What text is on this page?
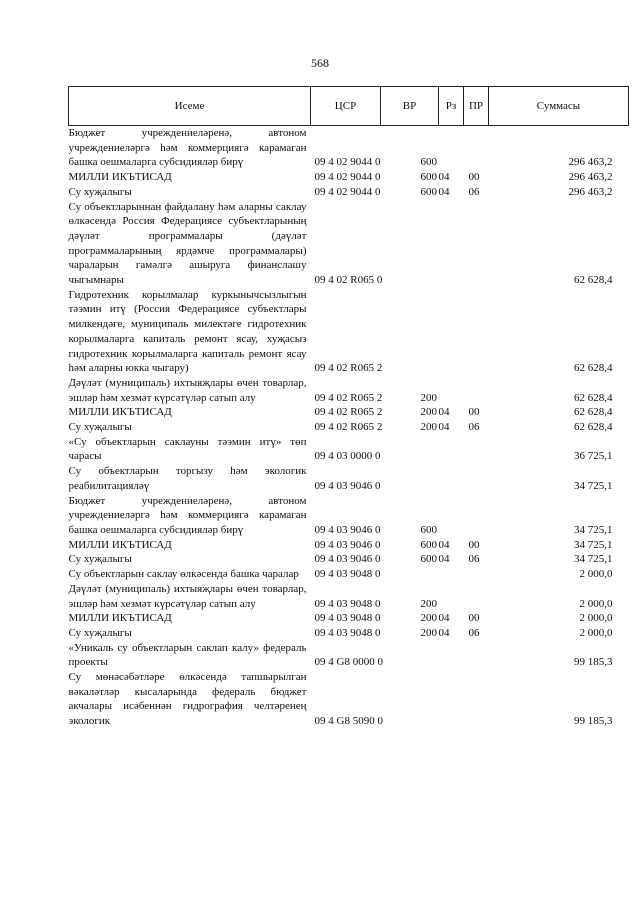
568
Исеме	ЦСР	ВР	Рз	ПР	Суммасы
Бюджет учреждениеләренә, автоном учреждениеләргә һәм коммерциягә карамаган башка оешмаларга субсидияләр бирү	09 4 02 9044 0	600			296 463,2
МИЛЛИ ИКЪТИСАД	09 4 02 9044 0	600	04	00	296 463,2
Су хуҗалыгы	09 4 02 9044 0	600	04	06	296 463,2
Су объектларыннан файдалану һәм аларны саклау өлкәсендә Россия Федерациясе субъектларының дәүләт программалары (дәүләт программаларының ярдәмче программалары) чараларын гамәлгә ашыруга финанслашу чыгымнары	09 4 02 R065 0				62 628,4
Гидротехник корылмалар куркынычсызлыгын тәэмин итү (Россия Федерациясе субъектлары милкендәге, муниципаль милектәге гидротехник корылмаларга капиталь ремонт ясау, хуҗасыз гидротехник корылмаларга капиталь ремонт ясау һәм аларны юкка чыгару)	09 4 02 R065 2				62 628,4
Дәүләт (муниципаль) ихтыяҗлары өчен товарлар, эшләр һәм хезмәт күрсәтүләр сатып алу	09 4 02 R065 2	200			62 628,4
МИЛЛИ ИКЪТИСАД	09 4 02 R065 2	200	04	00	62 628,4
Су хуҗалыгы	09 4 02 R065 2	200	04	06	62 628,4
«Су объектларын саклауны тәэмин итү» төп чарасы	09 4 03 0000 0				36 725,1
Су объектларын торгызу һәм экологик реабилитацияләү	09 4 03 9046 0				34 725,1
Бюджет учреждениеләренә, автоном учреждениеләргә һәм коммерциягә карамаган башка оешмаларга субсидияләр бирү	09 4 03 9046 0	600			34 725,1
МИЛЛИ ИКЪТИСАД	09 4 03 9046 0	600	04	00	34 725,1
Су хуҗалыгы	09 4 03 9046 0	600	04	06	34 725,1
Су объектларын саклау өлкәсендә башка чаралар	09 4 03 9048 0				2 000,0
Дәүләт (муниципаль) ихтыяҗлары өчен товарлар, эшләр һәм хезмәт күрсәтүләр сатып алу	09 4 03 9048 0	200			2 000,0
МИЛЛИ ИКЪТИСАД	09 4 03 9048 0	200	04	00	2 000,0
Су хуҗалыгы	09 4 03 9048 0	200	04	06	2 000,0
«Уникаль су объектларын саклап калу» федераль проекты	09 4 G8 0000 0				99 185,3
Су мөнәсәбәтләре өлкәсендә тапшырылган вәкаләтләр кысаларында федераль бюджет акчалары исәбеннән гидрография челтәренең экологик	09 4 G8 5090 0				99 185,3
